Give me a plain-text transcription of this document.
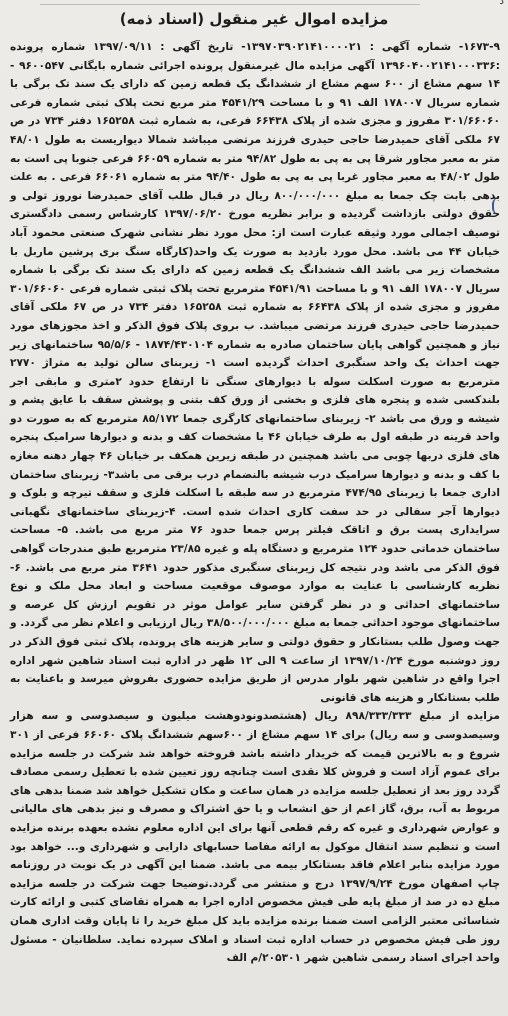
د
مزایده اموال غیر منقول (اسناد ذمه)

۱۶۷۳-۹- شماره آگهی : ۱۳۹۷۰۳۹۰۲۱۴۱۰۰۰۰۲۱- تاریخ آگهی : ۱۳۹۷/۰۹/۱۱ شماره پرونده :۱۳۹۶۰۴۰۰۲۱۴۱۰۰۰۳۳۶ آگهی مزایده مال غیرمنقول پرونده اجرائی شماره بایگانی ۹۶۰۰۵۴۷ - ۱۴ سهم مشاع از ۶۰۰ سهم مشاع از ششدانگ یک قطعه زمین که دارای یک سند تک برگی با شماره سریال ۱۷۸۰۰۷ الف ۹۱ و با مساحت ۴۵۴۱/۲۹ متر مربع تحت پلاک ثبتی شماره فرعی ۳۰۱/۶۶۰۶۰ مفروز و مجزی شده از پلاک ۶۶۴۳۸ فرعی، به شماره ثبت ۱۶۵۲۵۸ دفتر ۷۳۴ در ص ۶۷ ملکی آقای حمیدرضا حاجی حیدری فرزند مرتضی میباشد شمالا دیواریست به طول ۴۸/۰۱ متر به معبر مجاور شرقا پی به پی به طول ۹۴/۸۲ متر به شماره ۶۶۰۵۹ فرعی جنوبا پی است به طول ۴۸/۰۲ به معبر مجاور غربا پی به پی به طول ۹۴/۴۰ متر به شماره ۶۶۰۶۱ فرعی . به علت بدهی بابت چک جمعا به مبلغ ۸۰۰/۰۰۰/۰۰۰ ریال در قبال طلب آقای حمیدرضا نوروز تولی و حقوق دولتی بازداشت گردیده و برابر نظریه مورخ ۱۳۹۷/۰۶/۲۰ کارشناس رسمی دادگستری توصیف اجمالی مورد وثیقه عبارت است از: محل مورد نظر نشانی شهرک صنعتی محمود آباد خیابان ۴۴ می باشد. محل مورد بازدید به صورت یک واحد(کارگاه سنگ بری پرشین ماربل با مشخصات زیر می باشد الف ششدانگ یک قطعه زمین که دارای یک سند تک برگی با شماره سریال ۱۷۸۰۰۷ الف ۹۱ و با مساحت ۴۵۴۱/۹۱ مترمربع تحت پلاک ثبتی شماره فرعی ۳۰۱/۶۶۰۶۰ مفروز و مجزی شده از پلاک ۶۶۴۳۸ به شماره ثبت ۱۶۵۲۵۸ دفتر ۷۳۴ در ص ۶۷ ملکی آقای حمیدرضا حاجی حیدری فرزند مرتضی میباشد. ب بروی پلاک فوق الذکر و اخذ مجوزهای مورد نیاز و همچنین گواهی پایان ساختمان صادره به شماره ۱۸۷۴/۴۳۰۱۰۴ - ۹۵/۵/۶ ساختمانهای زیر جهت احداث یک واحد سنگبری احداث گردیده است ۱- زیربنای سالن تولید به متراژ ۲۷۷۰ مترمربع به صورت اسکلت سوله با دیوارهای سنگی تا ارتفاع حدود ۲متری و مابقی اجر بلندکسی شده و پنجره های فلزی و بخشی از ورق کف بتنی و پوشش سقف با عایق پشم و شیشه و ورق می باشد ۲- زیربنای ساختمانهای کارگری جمعا ۸۵/۱۷۲ مترمربع که به صورت دو واحد قرینه در طبقه اول به طرف خیابان ۴۶ با مشخصات کف و بدنه و دیوارها سرامیک پنجره های فلزی دربها چوبی می باشد همچنین در طبقه زیرین همکف بر خیابان ۴۶ چهار دهنه مغازه با کف و بدنه و دیوارها سرامیک درب شیشه بالنضمام درب برقی می باشد۳- زیربنای ساختمان اداری جمعا با زیربنای ۴۷۴/۹۵ مترمربع در سه طبقه با اسکلت فلزی و سقف تیرچه و بلوک و دیوارها آجر سفالی در حد سفت کاری احداث شده است. ۴-زیربنای ساختمانهای نگهبانی سرایداری پست برق و اتاقک فیلتر پرس جمعا حدود ۷۶ متر مربع می باشد. ۵- مساحت ساختمان خدماتی حدود ۱۲۴ مترمربع و دستگاه پله و غیره ۲۳/۸۵ مترمربع طبق مندرجات گواهی فوق الذکر می باشد ودر نتیجه کل زیربنای سنگبری مذکور حدود ۳۶۴۱ متر مربع می باشد. ۶- نظریه کارشناسی با عنایت به موارد موصوف موقعیت مساحت و ابعاد محل ملک و نوع ساختمانهای احداثی و در نظر گرفتن سایر عوامل موثر در تقویم ارزش کل عرصه و ساختمانهای موجود احداثی جمعا به مبلغ ۳۸/۵۰۰/۰۰۰/۰۰۰ ریال ارزیابی و اعلام نظر می گردد. و جهت وصول طلب بستانکار و حقوق دولتی و سایر هزینه های پرونده، پلاک ثبتی فوق الذکر در روز دوشنبه مورخ ۱۳۹۷/۱۰/۲۴ از ساعت ۹ الی ۱۲ ظهر در اداره ثبت اسناد شاهین شهر اداره اجرا واقع در شاهین شهر بلوار مدرس از طریق مزایده حضوری بفروش میرسد و باعنایت به طلب بستانکار و هزینه های قانونی

مزایده از مبلغ ۸۹۸/۳۳۳/۳۳۳ ریال (هشتصدونودوهشت میلیون و سیصدوسی و سه هزار وسیصدوسی و سه ریال) برای ۱۴ سهم مشاع از ۶۰۰سهم ششدانگ پلاک ۶۶۰۶۰ فرعی از ۳۰۱ شروع و به بالاترین قیمت که خریدار داشته باشد فروخته خواهد شد شرکت در جلسه مزایده برای عموم آزاد است و فروش کلا نقدی است چنانچه روز تعیین شده با تعطیل رسمی مصادف گردد روز بعد از تعطیل جلسه مزایده در همان ساعت و مکان تشکیل خواهد شد ضمنا بدهی های مربوط به آب، برق، گاز اعم از حق انشعاب و یا حق اشتراک و مصرف و نیز بدهی های مالیاتی و عوارض شهرداری و غیره که رقم قطعی آنها برای این اداره معلوم نشده بعهده برنده مزایده است و تنظیم سند انتقال موکول به ارائه مفاصا حسابهای دارایی و شهرداری و... خواهد بود مورد مزایده بنابر اعلام فاقد بستانکار بیمه می باشد. ضمنا این آگهی در یک نوبت در روزنامه چاپ اصفهان مورخ ۱۳۹۷/۹/۲۴ درج و منتشر می گردد.توضیحا جهت شرکت در جلسه مزایده مبلغ ده در صد از مبلغ پایه طی فیش مخصوص اداره اجرا به همراه تقاضای کتبی و ارائه کارت شناسائی معتبر الزامی است ضمنا برنده مزایده باید کل مبلغ خرید را تا پایان وقت اداری همان روز طی فیش مخصوص در حساب اداره ثبت اسناد و املاک سپرده نماید. سلطانیان - مسئول واحد اجرای اسناد رسمی شاهین شهر ۲۰۵۳۰۱/م الف
